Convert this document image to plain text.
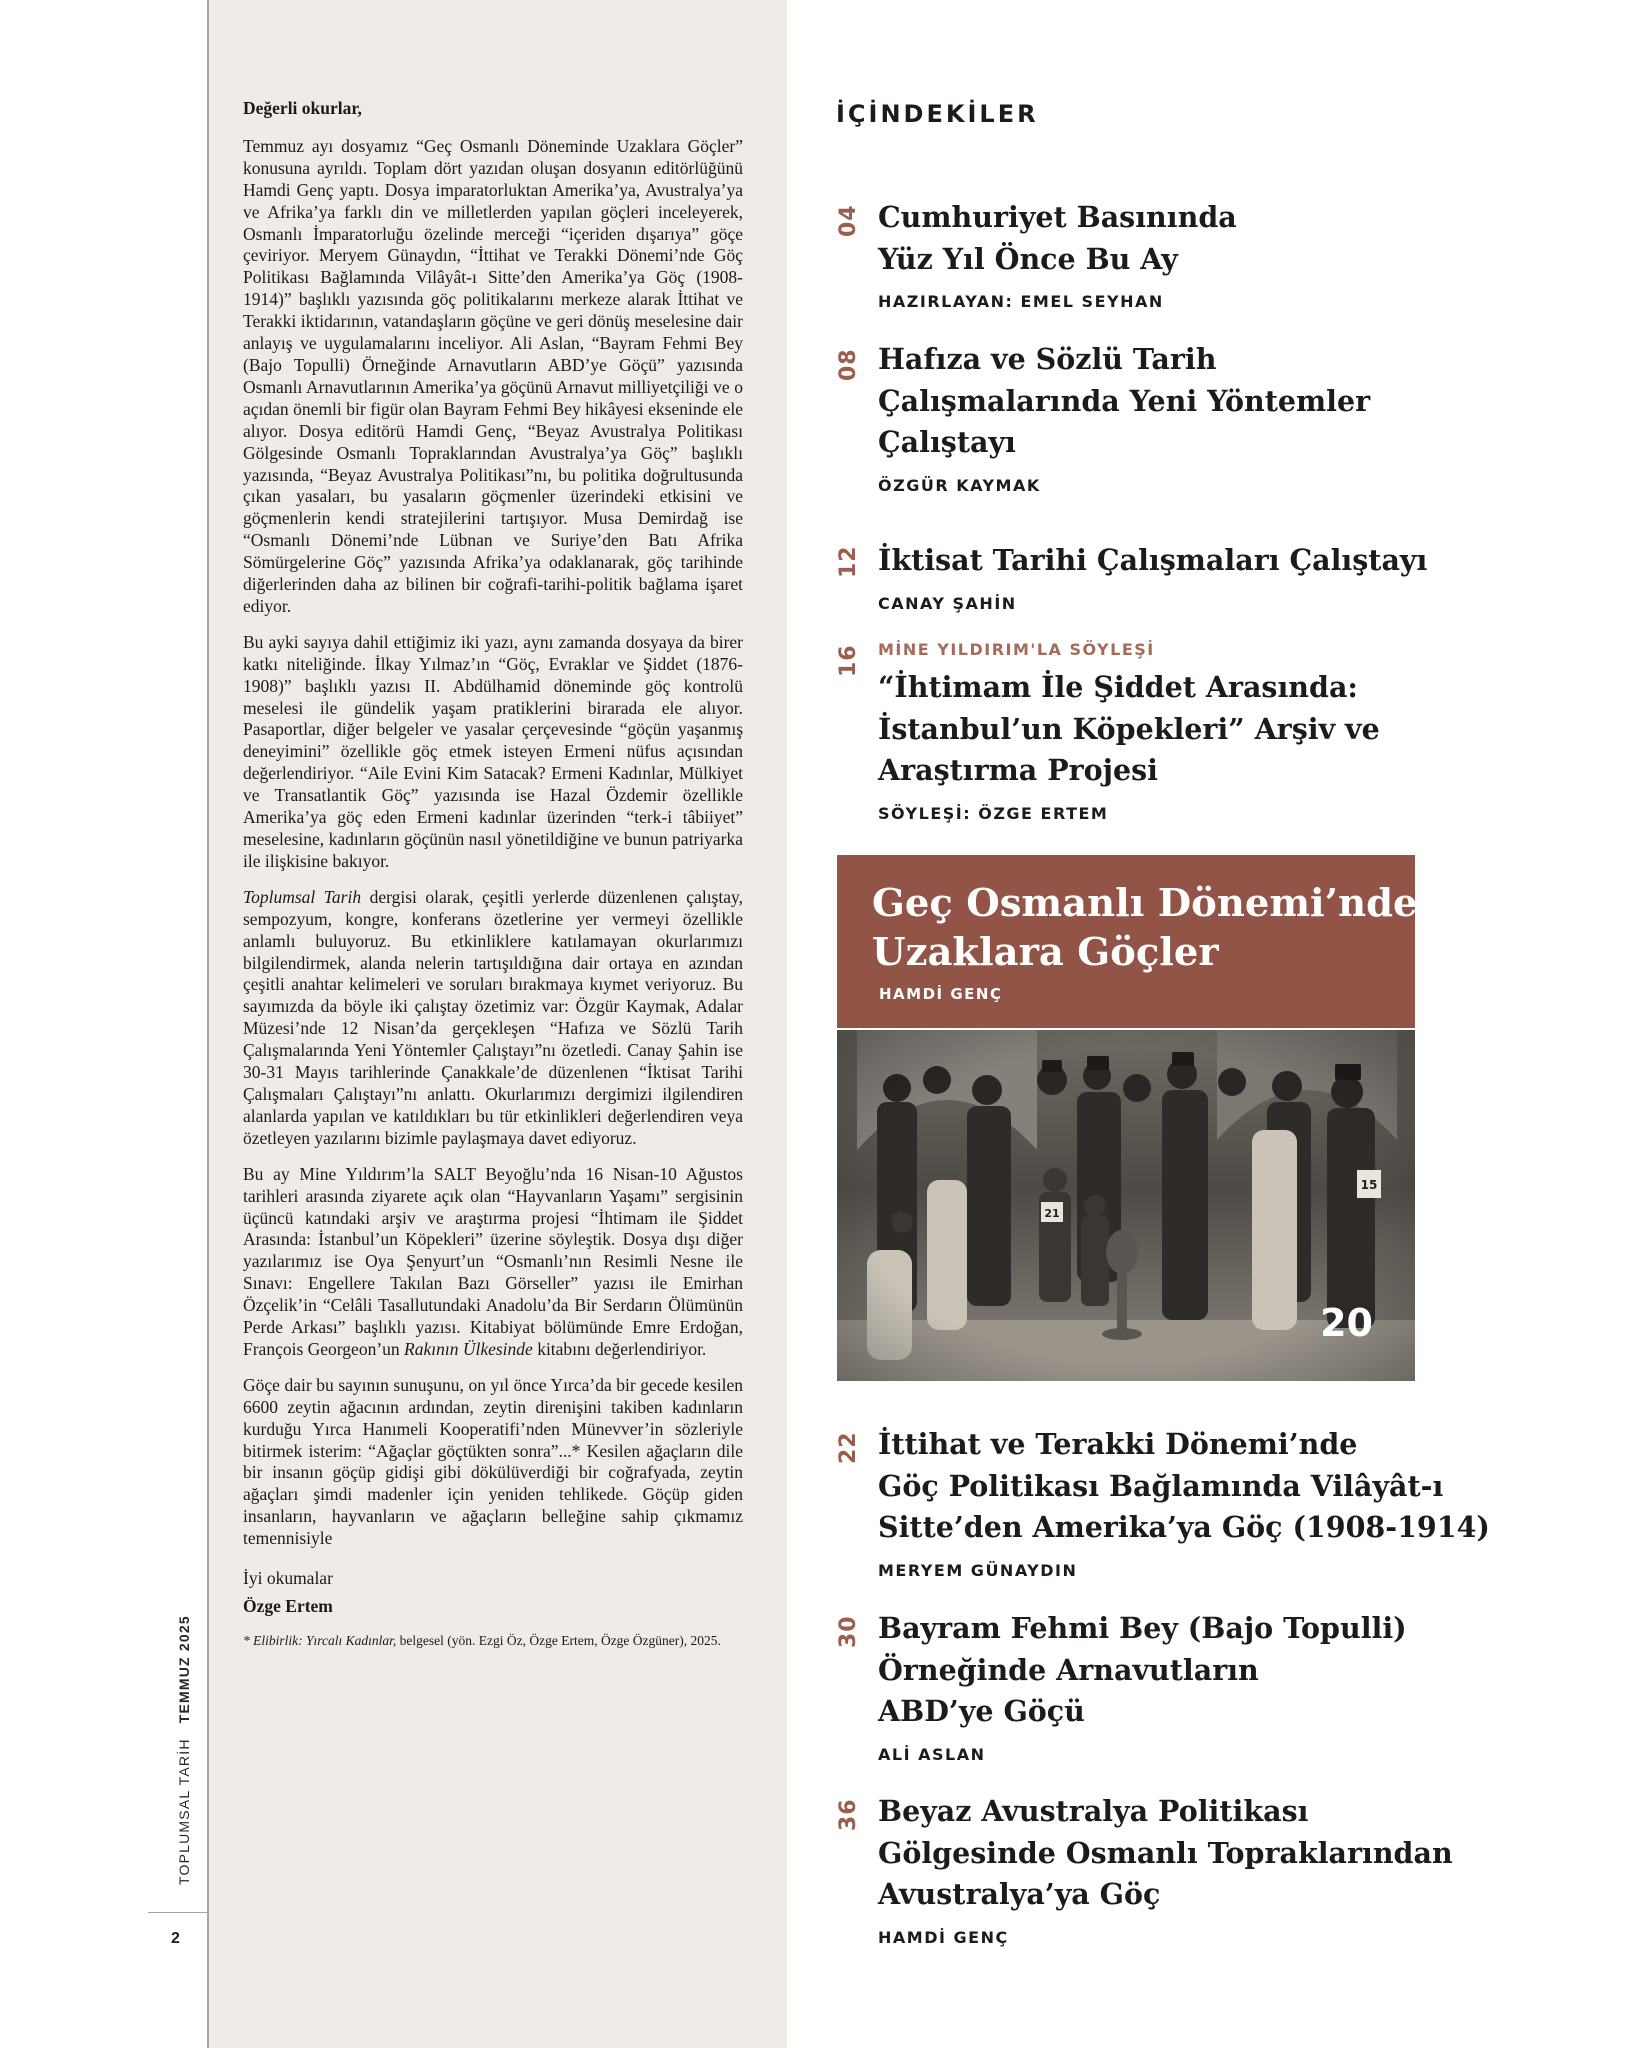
TOPLUMSAL TARİH TEMMUZ 2025
2

Değerli okurlar,

Temmuz ayı dosyamız “Geç Osmanlı Döneminde Uzaklara Göçler” konusuna ayrıldı. Toplam dört yazıdan oluşan dosyanın editörlüğünü Hamdi Genç yaptı. Dosya imparatorluktan Amerika’ya, Avustralya’ya ve Afrika’ya farklı din ve milletlerden yapılan göçleri inceleyerek, Osmanlı İmparatorluğu özelinde merceği “içeriden dışarıya” göçe çeviriyor. Meryem Günaydın, “İttihat ve Terakki Dönemi’nde Göç Politikası Bağlamında Vilâyât-ı Sitte’den Amerika’ya Göç (1908-1914)” başlıklı yazısında göç politikalarını merkeze alarak İttihat ve Terakki iktidarının, vatandaşların göçüne ve geri dönüş meselesine dair anlayış ve uygulamalarını inceliyor. Ali Aslan, “Bayram Fehmi Bey (Bajo Topulli) Örneğinde Arnavutların ABD’ye Göçü” yazısında Osmanlı Arnavutlarının Amerika’ya göçünü Arnavut milliyetçiliği ve o açıdan önemli bir figür olan Bayram Fehmi Bey hikâyesi ekseninde ele alıyor. Dosya editörü Hamdi Genç, “Beyaz Avustralya Politikası Gölgesinde Osmanlı Topraklarından Avustralya’ya Göç” başlıklı yazısında, “Beyaz Avustralya Politikası”nı, bu politika doğrultusunda çıkan yasaları, bu yasaların göçmenler üzerindeki etkisini ve göçmenlerin kendi stratejilerini tartışıyor. Musa Demirdağ ise “Osmanlı Dönemi’nde Lübnan ve Suriye’den Batı Afrika Sömürgelerine Göç” yazısında Afrika’ya odaklanarak, göç tarihinde diğerlerinden daha az bilinen bir coğrafi-tarihi-politik bağlama işaret ediyor.

Bu ayki sayıya dahil ettiğimiz iki yazı, aynı zamanda dosyaya da birer katkı niteliğinde. İlkay Yılmaz’ın “Göç, Evraklar ve Şiddet (1876-1908)” başlıklı yazısı II. Abdülhamid döneminde göç kontrolü meselesi ile gündelik yaşam pratiklerini birarada ele alıyor. Pasaportlar, diğer belgeler ve yasalar çerçevesinde “göçün yaşanmış deneyimini” özellikle göç etmek isteyen Ermeni nüfus açısından değerlendiriyor. “Aile Evini Kim Satacak? Ermeni Kadınlar, Mülkiyet ve Transatlantik Göç” yazısında ise Hazal Özdemir özellikle Amerika’ya göç eden Ermeni kadınlar üzerinden “terk-i tâbiiyet” meselesine, kadınların göçünün nasıl yönetildiğine ve bunun patriyarka ile ilişkisine bakıyor.

Toplumsal Tarih dergisi olarak, çeşitli yerlerde düzenlenen çalıştay, sempozyum, kongre, konferans özetlerine yer vermeyi özellikle anlamlı buluyoruz. Bu etkinliklere katılamayan okurlarımızı bilgilendirmek, alanda nelerin tartışıldığına dair ortaya en azından çeşitli anahtar kelimeleri ve soruları bırakmaya kıymet veriyoruz. Bu sayımızda da böyle iki çalıştay özetimiz var: Özgür Kaymak, Adalar Müzesi’nde 12 Nisan’da gerçekleşen “Hafıza ve Sözlü Tarih Çalışmalarında Yeni Yöntemler Çalıştayı”nı özetledi. Canay Şahin ise 30-31 Mayıs tarihlerinde Çanakkale’de düzenlenen “İktisat Tarihi Çalışmaları Çalıştayı”nı anlattı. Okurlarımızı dergimizi ilgilendiren alanlarda yapılan ve katıldıkları bu tür etkinlikleri değerlendiren veya özetleyen yazılarını bizimle paylaşmaya davet ediyoruz.

Bu ay Mine Yıldırım’la SALT Beyoğlu’nda 16 Nisan-10 Ağustos tarihleri arasında ziyarete açık olan “Hayvanların Yaşamı” sergisinin üçüncü katındaki arşiv ve araştırma projesi “İhtimam ile Şiddet Arasında: İstanbul’un Köpekleri” üzerine söyleştik. Dosya dışı diğer yazılarımız ise Oya Şenyurt’un “Osmanlı’nın Resimli Nesne ile Sınavı: Engellere Takılan Bazı Görseller” yazısı ile Emirhan Özçelik’in “Celâli Tasallutundaki Anadolu’da Bir Serdarın Ölümünün Perde Arkası” başlıklı yazısı. Kitabiyat bölümünde Emre Erdoğan, François Georgeon’un Rakının Ülkesinde kitabını değerlendiriyor.

Göçe dair bu sayının sunuşunu, on yıl önce Yırca’da bir gecede kesilen 6600 zeytin ağacının ardından, zeytin direnişini takiben kadınların kurduğu Yırca Hanımeli Kooperatifi’nden Münevver’in sözleriyle bitirmek isterim: “Ağaçlar göçtükten sonra”...* Kesilen ağaçların dile bir insanın göçüp gidişi gibi dökülüverdiği bir coğrafyada, zeytin ağaçları şimdi madenler için yeniden tehlikede. Göçüp giden insanların, hayvanların ve ağaçların belleğine sahip çıkmamız temennisiyle

İyi okumalar

Özge Ertem

* Elibirlik: Yırcalı Kadınlar, belgesel (yön. Ezgi Öz, Özge Ertem, Özge Özgüner), 2025.

İÇİNDEKİLER
04 Cumhuriyet Basınında

Yüz Yıl Önce Bu Ay

HAZIRLAYAN: EMEL SEYHAN
08 Hafıza ve Sözlü Tarih

Çalışmalarında Yeni Yöntemler

Çalıştayı

ÖZGÜR KAYMAK
12 İktisat Tarihi Çalışmaları Çalıştayı

CANAY ŞAHİN
16 MİNE YILDIRIM'LA SÖYLEŞİ

“İhtimam İle Şiddet Arasında:

İstanbul’un Köpekleri” Arşiv ve

Araştırma Projesi

SÖYLEŞİ: ÖZGE ERTEM
22 İttihat ve Terakki Dönemi’nde

Göç Politikası Bağlamında Vilâyât-ı

Sitte’den Amerika’ya Göç (1908-1914)

MERYEM GÜNAYDIN
30 Bayram Fehmi Bey (Bajo Topulli)

Örneğinde Arnavutların

ABD’ye Göçü

ALİ ASLAN
36 Beyaz Avustralya Politikası

Gölgesinde Osmanlı Topraklarından

Avustralya’ya Göç

HAMDİ GENÇ
Geç Osmanlı Dönemi’nde
Uzaklara Göçler
HAMDİ GENÇ
20
